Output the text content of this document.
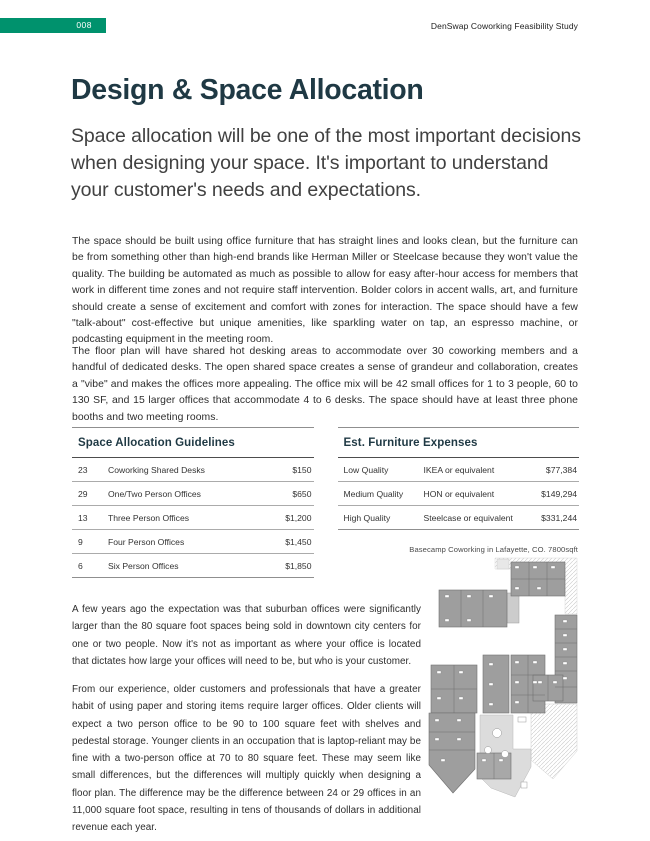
008	DenSwap Coworking Feasibility Study
Design & Space Allocation

Space allocation will be one of the most important decisions when designing your space. It's important to understand your customer's needs and expectations.

The space should be built using office furniture that has straight lines and looks clean, but the furniture can be from something other than high-end brands like Herman Miller or Steelcase because they won't value the quality. The building be automated as much as possible to allow for easy after-hour access for members that work in different time zones and not require staff intervention. Bolder colors in accent walls, art, and furniture should create a sense of excitement and comfort with zones for interaction. The space should have a few "talk-about" cost-effective but unique amenities, like sparkling water on tap, an espresso machine, or podcasting equipment in the meeting room.

The floor plan will have shared hot desking areas to accommodate over 30 coworking members and a handful of dedicated desks. The open shared space creates a sense of grandeur and collaboration, creates a "vibe" and makes the offices more appealing. The office mix will be 42 small offices for 1 to 3 people, 60 to 130 SF, and 15 larger offices that accommodate 4 to 6 desks. The space should have at least three phone booths and two meeting rooms.

Space Allocation Guidelines
23	Coworking Shared Desks	$150
29	One/Two Person Offices	$650
13	Three Person Offices	$1,200
9	Four Person Offices	$1,450
6	Six Person Offices	$1,850
Est. Furniture Expenses
Low Quality	IKEA or equivalent	$77,384
Medium Quality	HON or equivalent	$149,294
High Quality	Steelcase or equivalent	$331,244
Basecamp Coworking in Lafayette, CO. 7800sqft

A few years ago the expectation was that suburban offices were significantly larger than the 80 square foot spaces being sold in downtown city centers for one or two people. Now it's not as important as where your office is located that dictates how large your offices will need to be, but who is your customer.

From our experience, older customers and professionals that have a greater habit of using paper and storing items require larger offices. Older clients will expect a two person office to be 90 to 100 square feet with shelves and pedestal storage. Younger clients in an occupation that is laptop-reliant may be fine with a two-person office at 70 to 80 square feet. These may seem like small differences, but the differences will multiply quickly when designing a floor plan. The difference may be the difference between 24 or 29 offices in an 11,000 square foot space, resulting in tens of thousands of dollars in additional revenue each year.
